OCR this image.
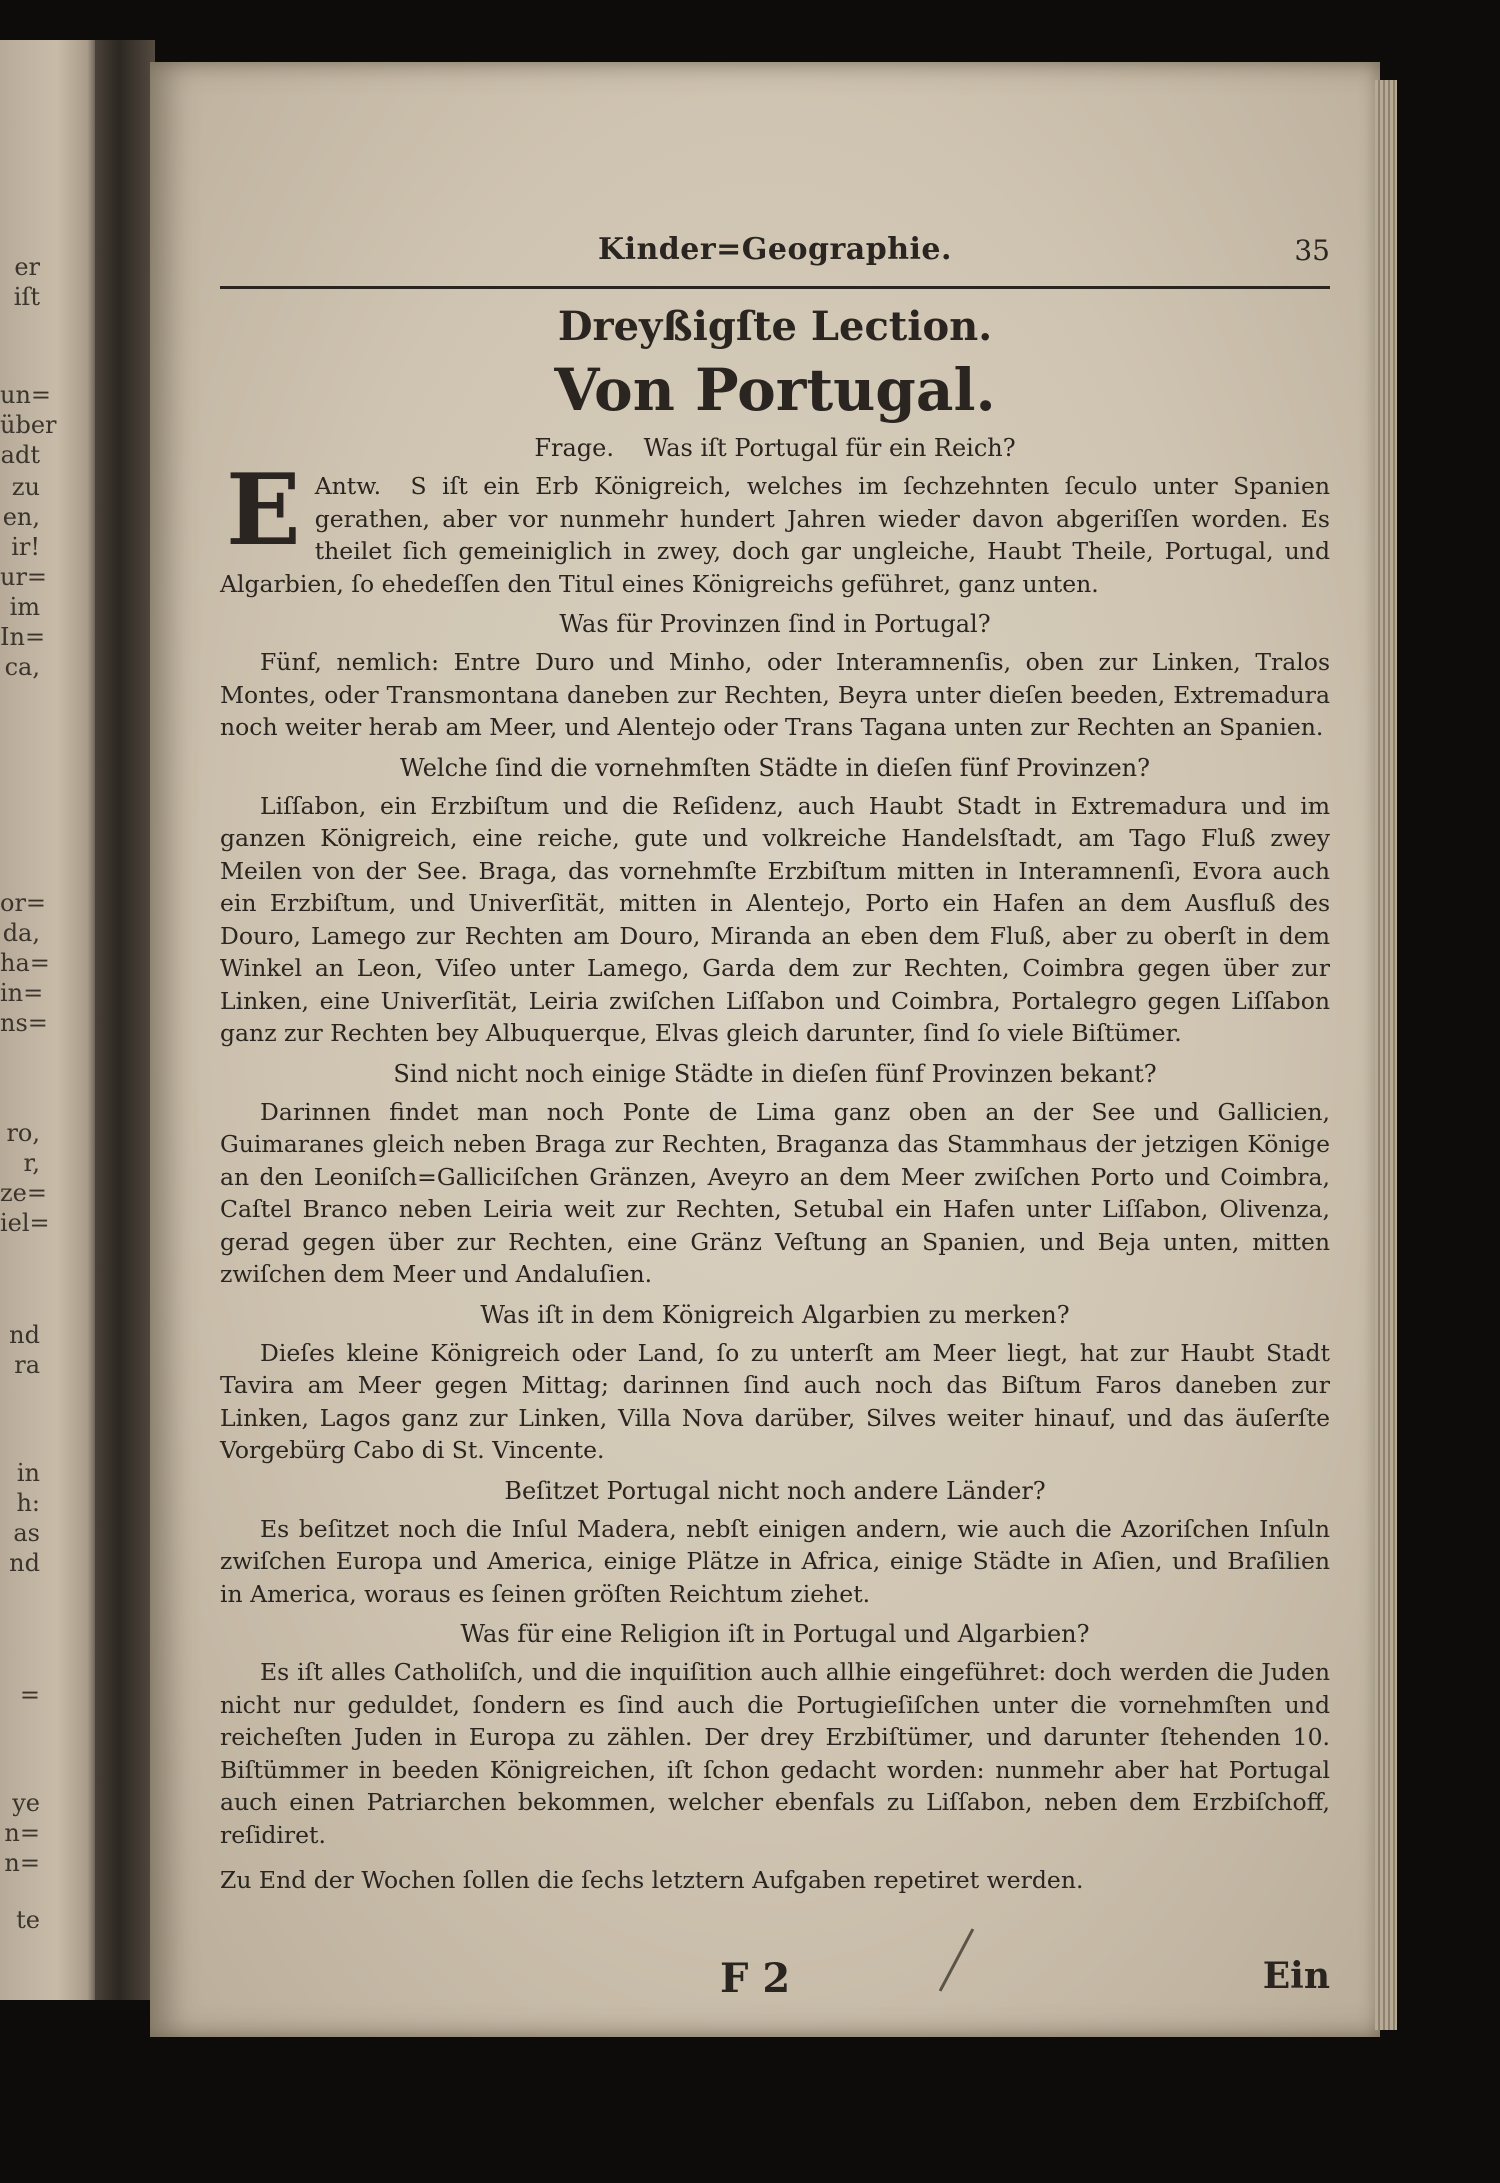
er iſt
un=
über
adt
zu
en,
ir!
ur=
im
In=
ca,
or=
da,
ha=
in=
ns=
ro,
r,
ze=
iel=
nd
ra
in
h:
as
nd
=
ye
n=
n=
te
Kinder=Geographie.	35
Dreyßigſte Lection.
Von Portugal.
Frage. Was iſt Portugal für ein Reich?

Antw.
E	S iſt ein Erb Königreich, welches im ſechzehnten ſeculo unter Spanien gerathen, aber vor nunmehr hundert Jahren wieder davon abgeriſſen worden. Es theilet ſich gemeiniglich in zwey, doch gar ungleiche, Haubt Theile, Portugal, und Algarbien, ſo ehedeſſen den Titul eines Königreichs geführet, ganz unten.

Was für Provinzen ſind in Portugal?

Fünf, nemlich: Entre Duro und Minho, oder Interamnenſis, oben zur Linken, Tralos Montes, oder Transmontana daneben zur Rechten, Beyra unter dieſen beeden, Extremadura noch weiter herab am Meer, und Alentejo oder Trans Tagana unten zur Rechten an Spanien.

Welche ſind die vornehmſten Städte in dieſen fünf Provinzen?

Liſſabon, ein Erzbiſtum und die Reſidenz, auch Haubt Stadt in Extremadura und im ganzen Königreich, eine reiche, gute und volkreiche Handelsſtadt, am Tago Fluß zwey Meilen von der See. Braga, das vornehmſte Erzbiſtum mitten in Interamnenſi, Evora auch ein Erzbiſtum, und Univerſität, mitten in Alentejo, Porto ein Hafen an dem Ausfluß des Douro, Lamego zur Rechten am Douro, Miranda an eben dem Fluß, aber zu oberſt in dem Winkel an Leon, Viſeo unter Lamego, Garda dem zur Rechten, Coimbra gegen über zur Linken, eine Univerſität, Leiria zwiſchen Liſſabon und Coimbra, Portalegro gegen Liſſabon ganz zur Rechten bey Albuquerque, Elvas gleich darunter, ſind ſo viele Biſtümer.

Sind nicht noch einige Städte in dieſen fünf Provinzen bekant?

Darinnen findet man noch Ponte de Lima ganz oben an der See und Gallicien, Guimaranes gleich neben Braga zur Rechten, Braganza das Stammhaus der jetzigen Könige an den Leoniſch=Galliciſchen Gränzen, Aveyro an dem Meer zwiſchen Porto und Coimbra, Caſtel Branco neben Leiria weit zur Rechten, Setubal ein Hafen unter Liſſabon, Olivenza, gerad gegen über zur Rechten, eine Gränz Veſtung an Spanien, und Beja unten, mitten zwiſchen dem Meer und Andaluſien.

Was iſt in dem Königreich Algarbien zu merken?

Dieſes kleine Königreich oder Land, ſo zu unterſt am Meer liegt, hat zur Haubt Stadt Tavira am Meer gegen Mittag; darinnen ſind auch noch das Biſtum Faros daneben zur Linken, Lagos ganz zur Linken, Villa Nova darüber, Silves weiter hinauf, und das äuſerſte Vorgebürg Cabo di St. Vincente.

Beſitzet Portugal nicht noch andere Länder?

Es beſitzet noch die Inſul Madera, nebſt einigen andern, wie auch die Azoriſchen Inſuln zwiſchen Europa und America, einige Plätze in Africa, einige Städte in Aſien, und Braſilien in America, woraus es ſeinen gröſten Reichtum ziehet.

Was für eine Religion iſt in Portugal und Algarbien?

Es iſt alles Catholiſch, und die inquiſition auch allhie eingeführet: doch werden die Juden nicht nur geduldet, ſondern es ſind auch die Portugieſiſchen unter die vornehmſten und reicheſten Juden in Europa zu zählen. Der drey Erzbiſtümer, und darunter ſtehenden 10. Biſtümmer in beeden Königreichen, iſt ſchon gedacht worden: nunmehr aber hat Portugal auch einen Patriarchen bekommen, welcher ebenfals zu Liſſabon, neben dem Erzbiſchoff, reſidiret.

Zu End der Wochen ſollen die ſechs letztern Aufgaben repetiret werden.

F 2	Ein
